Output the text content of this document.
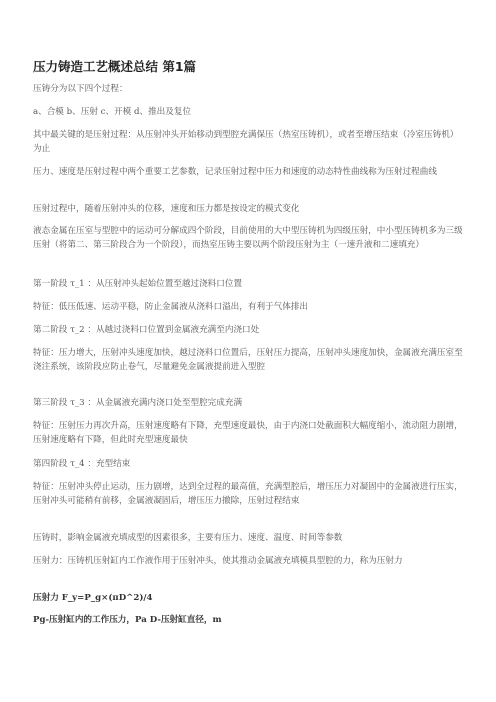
压力铸造工艺概述总结 第1篇
压铸分为以下四个过程：
a、合模 b、压射 c、开模 d、推出及复位
其中最关键的是压射过程：从压射冲头开始移动到型腔充满保压（热室压铸机），或者至增压结束（冷室压铸机）为止
压力、速度是压射过程中两个重要工艺参数，记录压射过程中压力和速度的动态特性曲线称为压射过程曲线
压射过程中，随着压射冲头的位移，速度和压力都是按设定的模式变化
液态金属在压室与型腔中的运动可分解成四个阶段，目前使用的大中型压铸机为四级压射，中小型压铸机多为三级压射（将第二、第三阶段合为一个阶段），而热室压铸主要以两个阶段压射为主（一速升液和二速填充）
第一阶段 τ_1 ：从压射冲头起始位置至越过浇料口位置
特征：低压低速、运动平稳，防止金属液从浇料口溢出，有利于气体排出
第二阶段 τ_2 ：从越过浇料口位置到金属液充满至内浇口处
特征：压力增大，压射冲头速度加快，越过浇料口位置后，压射压力提高，压射冲头速度加快，金属液充满压室至浇注系统，该阶段应防止卷气，尽量避免金属液提前进入型腔
第三阶段 τ_3 ：从金属液充满内浇口处至型腔完成充满
特征：压射压力再次升高，压射速度略有下降，充型速度最快，由于内浇口处截面积大幅度缩小，流动阻力剧增，压射速度略有下降，但此时充型速度最快
第四阶段 τ_4 ：充型结束
特征：压射冲头停止运动，压力剧增，达到全过程的最高值，充满型腔后，增压压力对凝固中的金属液进行压实，压射冲头可能稍有前移，金属液凝固后，增压压力撤除，压射过程结束
压铸时，影响金属液充填成型的因素很多，主要有压力、速度、温度、时间等参数
压射力：压铸机压射缸内工作液作用于压射冲头，使其推动金属液充填模具型腔的力，称为压射力
压射力 F_y=P_g×(πD^2)/4
Pg-压射缸内的工作压力，Pa D-压射缸直径，m
